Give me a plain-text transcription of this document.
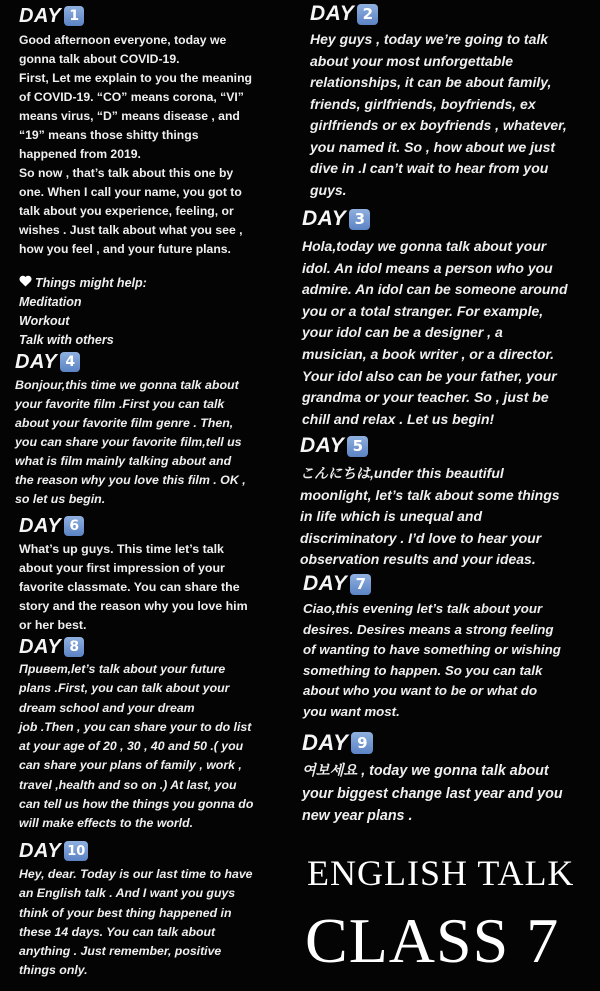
DAY 1
Good afternoon everyone, today we
gonna talk about COVID-19.
First, Let me explain to you the meaning
of COVID-19. “CO” means corona, “VI”
means virus, “D” means disease , and
“19” means those shitty things
happened from 2019.
So now , that’s talk about this one by
one. When I call your name, you got to
talk about you experience, feeling, or
wishes . Just talk about what you see ,
how you feel , and your future plans.
Things might help:
Meditation
Workout
Talk with others
DAY 4
Bonjour,this time we gonna talk about
your favorite film .First you can talk
about your favorite film genre . Then,
you can share your favorite film,tell us
what is film mainly talking about and
the reason why you love this film . OK ,
so let us begin.
DAY 6
What’s up guys. This time let’s talk
about your first impression of your
favorite classmate. You can share the
story and the reason why you love him
or her best.
DAY 8
Привет,let’s talk about your future
plans .First, you can talk about your
dream school and your dream
job .Then , you can share your to do list
at your age of 20 , 30 , 40 and 50 .( you
can share your plans of family , work ,
travel ,health and so on .) At last, you
can tell us how the things you gonna do
will make effects to the world.
DAY 10
Hey, dear. Today is our last time to have
an English talk . And I want you guys
think of your best thing happened in
these 14 days. You can talk about
anything . Just remember, positive
things only.
DAY 2
Hey guys , today we’re going to talk
about your most unforgettable
relationships, it can be about family,
friends, girlfriends, boyfriends, ex
girlfriends or ex boyfriends , whatever,
you named it. So , how about we just
dive in .I can’t wait to hear from you
guys.
DAY 3
Hola,today we gonna talk about your
idol. An idol means a person who you
admire. An idol can be someone around
you or a total stranger. For example,
your idol can be a designer , a
musician, a book writer , or a director.
Your idol also can be your father, your
grandma or your teacher. So , just be
chill and relax . Let us begin!
DAY 5
こんにちは,under this beautiful
moonlight, let’s talk about some things
in life which is unequal and
discriminatory . I’d love to hear your
observation results and your ideas.
DAY 7
Ciao,this evening let’s talk about your
desires. Desires means a strong feeling
of wanting to have something or wishing
something to happen. So you can talk
about who you want to be or what do
you want most.
DAY 9
여보세요 , today we gonna talk about
your biggest change last year and you
new year plans .
ENGLISH TALK
CLASS 7
